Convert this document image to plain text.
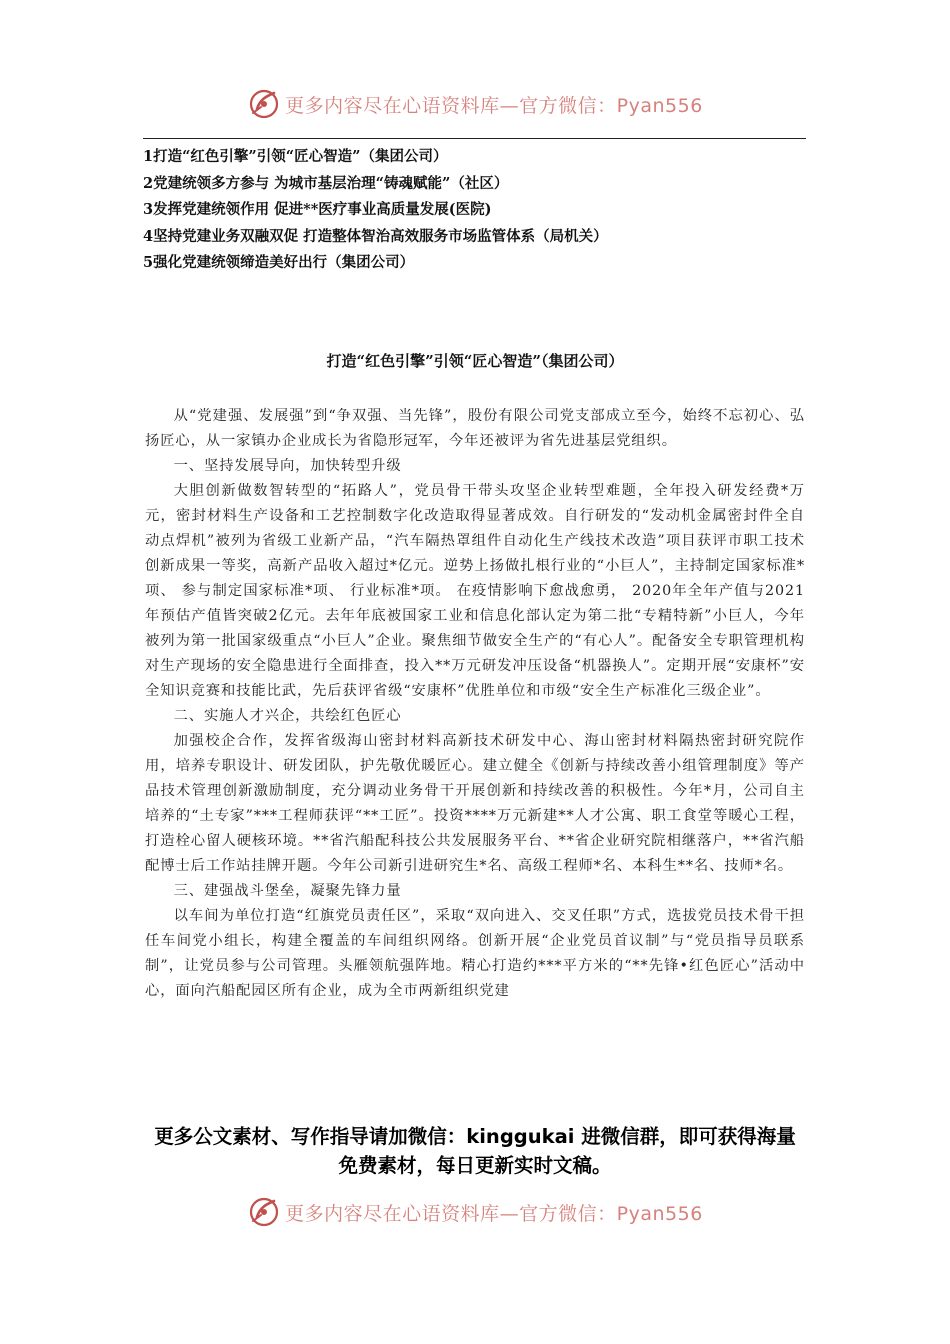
更多内容尽在心语资料库—官方微信：Pyan556
1打造“红色引擎”引领“匠心智造”（集团公司）
2党建统领多方参与 为城市基层治理“铸魂赋能”（社区）
3发挥党建统领作用 促进**医疗事业高质量发展(医院)
4坚持党建业务双融双促 打造整体智治高效服务市场监管体系（局机关）
5强化党建统领缔造美好出行（集团公司）
打造“红色引擎”引领“匠心智造”（集团公司）

从“党建强、发展强”到“争双强、当先锋”，股份有限公司党支部成立至今，始终不忘初心、弘扬匠心，从一家镇办企业成长为省隐形冠军，今年还被评为省先进基层党组织。

一、坚持发展导向，加快转型升级

大胆创新做数智转型的“拓路人”，党员骨干带头攻坚企业转型难题，全年投入研发经费*万元，密封材料生产设备和工艺控制数字化改造取得显著成效。自行研发的“发动机金属密封件全自动点焊机”被列为省级工业新产品，“汽车隔热罩组件自动化生产线技术改造”项目获评市职工技术创新成果一等奖，高新产品收入超过*亿元。逆势上扬做扎根行业的“小巨人”，主持制定国家标准*项、 参与制定国家标准*项、 行业标准*项。 在疫情影响下愈战愈勇， 2020年全年产值与2021年预估产值皆突破2亿元。去年年底被国家工业和信息化部认定为第二批“专精特新”小巨人，今年被列为第一批国家级重点“小巨人”企业。聚焦细节做安全生产的“有心人”。配备安全专职管理机构对生产现场的安全隐患进行全面排查，投入**万元研发冲压设备“机器换人”。定期开展“安康杯”安全知识竞赛和技能比武，先后获评省级“安康杯”优胜单位和市级“安全生产标准化三级企业”。

二、实施人才兴企，共绘红色匠心

加强校企合作，发挥省级海山密封材料高新技术研发中心、海山密封材料隔热密封研究院作用，培养专职设计、研发团队，护先敬优暖匠心。建立健全《创新与持续改善小组管理制度》等产品技术管理创新激励制度，充分调动业务骨干开展创新和持续改善的积极性。今年*月，公司自主培养的“土专家”***工程师获评“**工匠”。投资****万元新建**人才公寓、职工食堂等暖心工程，打造栓心留人硬核环境。**省汽船配科技公共发展服务平台、**省企业研究院相继落户，**省汽船配博士后工作站挂牌开题。今年公司新引进研究生*名、高级工程师*名、本科生**名、技师*名。

三、建强战斗堡垒，凝聚先锋力量

以车间为单位打造“红旗党员责任区”，采取“双向进入、交叉任职”方式，选拔党员技术骨干担任车间党小组长，构建全覆盖的车间组织网络。创新开展“企业党员首议制”与“党员指导员联系制”，让党员参与公司管理。头雁领航强阵地。精心打造约***平方米的“**先锋•红色匠心”活动中心，面向汽船配园区所有企业，成为全市两新组织党建

更多公文素材、写作指导请加微信：kinggukai 进微信群，即可获得海量免费素材，每日更新实时文稿。
更多内容尽在心语资料库—官方微信：Pyan556
